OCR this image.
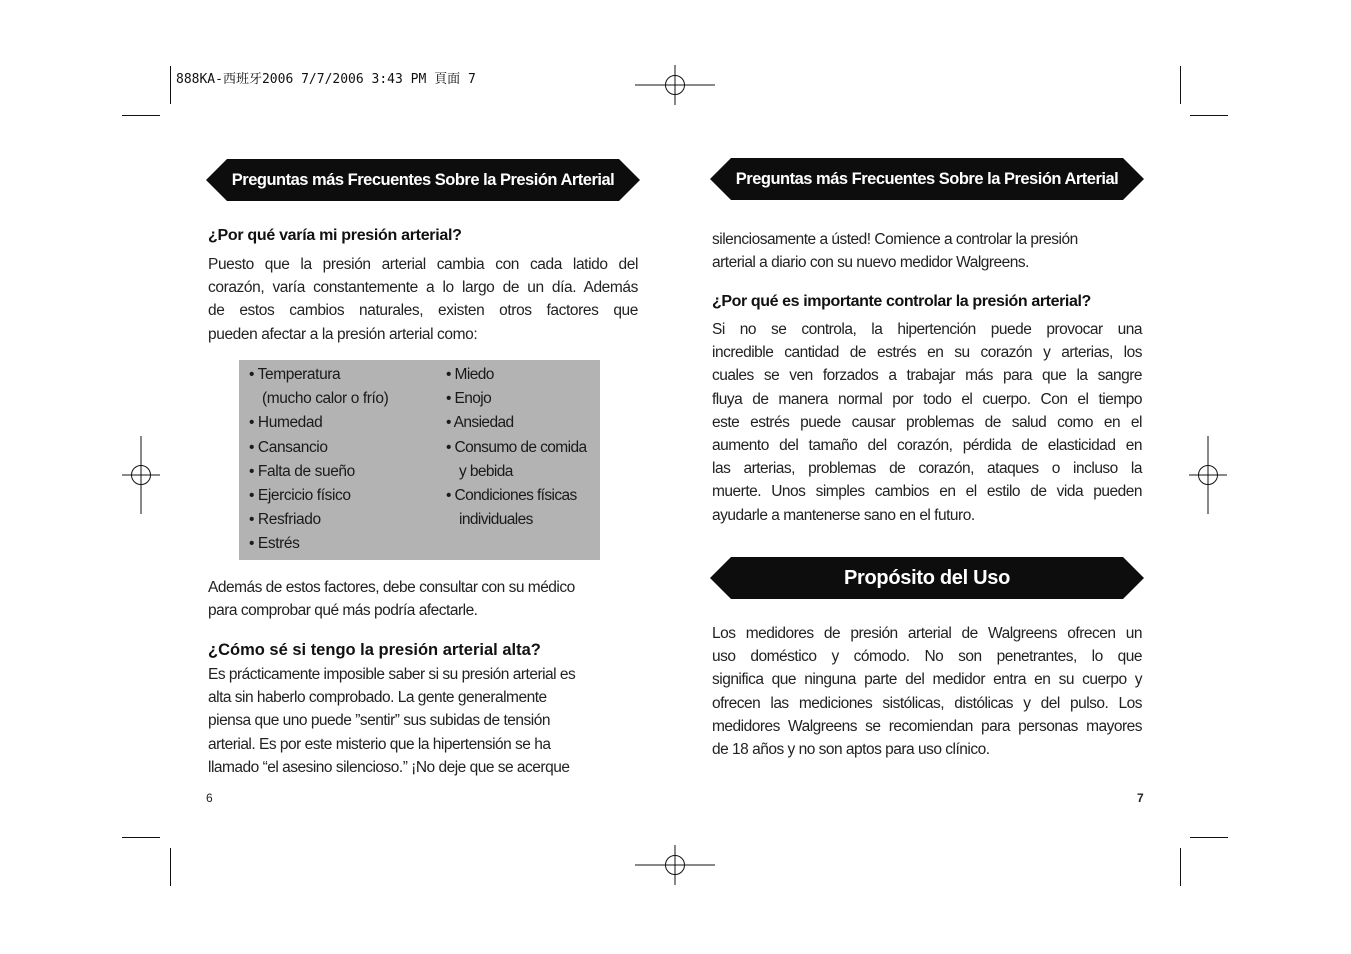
888KA-西班牙2006 7/7/2006 3:43 PM 頁面 7
Preguntas más Frecuentes Sobre la Presión Arterial
¿Por qué varía mi presión arterial?
Puesto que la presión arterial cambia con cada latido del
corazón, varía constantemente a lo largo de un día. Además
de estos cambios naturales, existen otros factores que
pueden afectar a la presión arterial como:
• Temperatura
(mucho calor o frío)
• Humedad
• Cansancio
• Falta de sueño
• Ejercicio físico
• Resfriado
• Estrés
• Miedo
• Enojo
• Ansiedad
• Consumo de comida
y bebida
• Condiciones físicas
individuales
Además de estos factores, debe consultar con su médico
para comprobar qué más podría afectarle.
¿Cómo sé si tengo la presión arterial alta?
Es prácticamente imposible saber si su presión arterial es
alta sin haberlo comprobado. La gente generalmente
piensa que uno puede ”sentir” sus subidas de tensión
arterial. Es por este misterio que la hipertensión se ha
llamado “el asesino silencioso.” ¡No deje que se acerque
6
Preguntas más Frecuentes Sobre la Presión Arterial
silenciosamente a ústed! Comience a controlar la presión
arterial a diario con su nuevo medidor Walgreens.
¿Por qué es importante controlar la presión arterial?
Si no se controla, la hipertención puede provocar una
incredible cantidad de estrés en su corazón y arterias, los
cuales se ven forzados a trabajar más para que la sangre
fluya de manera normal por todo el cuerpo. Con el tiempo
este estrés puede causar problemas de salud como en el
aumento del tamaño del corazón, pérdida de elasticidad en
las arterias, problemas de corazón, ataques o incluso la
muerte. Unos simples cambios en el estilo de vida pueden
ayudarle a mantenerse sano en el futuro.
Propósito del Uso
Los medidores de presión arterial de Walgreens ofrecen un
uso doméstico y cómodo. No son penetrantes, lo que
significa que ninguna parte del medidor entra en su cuerpo y
ofrecen las mediciones sistólicas, distólicas y del pulso. Los
medidores Walgreens se recomiendan para personas mayores
de 18 años y no son aptos para uso clínico.
7
